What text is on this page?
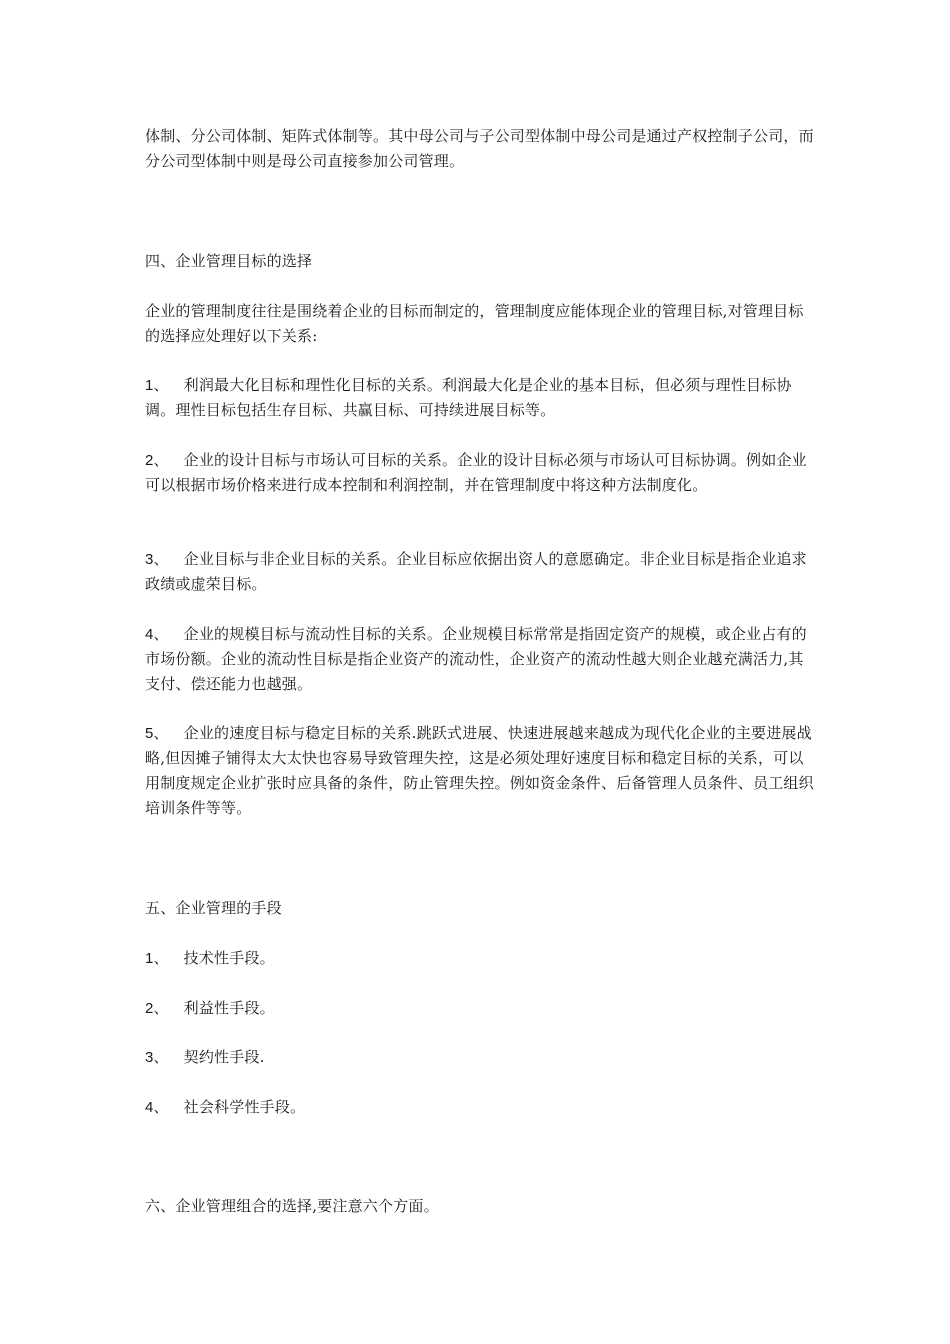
体制、分公司体制、矩阵式体制等。其中母公司与子公司型体制中母公司是通过产权控制子公司，而分公司型体制中则是母公司直接参加公司管理。

四、企业管理目标的选择

企业的管理制度往往是围绕着企业的目标而制定的，管理制度应能体现企业的管理目标,对管理目标的选择应处理好以下关系:

1、 利润最大化目标和理性化目标的关系。利润最大化是企业的基本目标，但必须与理性目标协调。理性目标包括生存目标、共赢目标、可持续进展目标等。

2、 企业的设计目标与市场认可目标的关系。企业的设计目标必须与市场认可目标协调。例如企业可以根据市场价格来进行成本控制和利润控制，并在管理制度中将这种方法制度化。

3、 企业目标与非企业目标的关系。企业目标应依据出资人的意愿确定。非企业目标是指企业追求政绩或虚荣目标。

4、 企业的规模目标与流动性目标的关系。企业规模目标常常是指固定资产的规模，或企业占有的市场份额。企业的流动性目标是指企业资产的流动性，企业资产的流动性越大则企业越充满活力,其支付、偿还能力也越强。

5、 企业的速度目标与稳定目标的关系.跳跃式进展、快速进展越来越成为现代化企业的主要进展战略,但因摊子铺得太大太快也容易导致管理失控，这是必须处理好速度目标和稳定目标的关系，可以用制度规定企业扩张时应具备的条件，防止管理失控。例如资金条件、后备管理人员条件、员工组织培训条件等等。

五、企业管理的手段

1、 技术性手段。

2、 利益性手段。

3、 契约性手段.

4、 社会科学性手段。

六、企业管理组合的选择,要注意六个方面。
